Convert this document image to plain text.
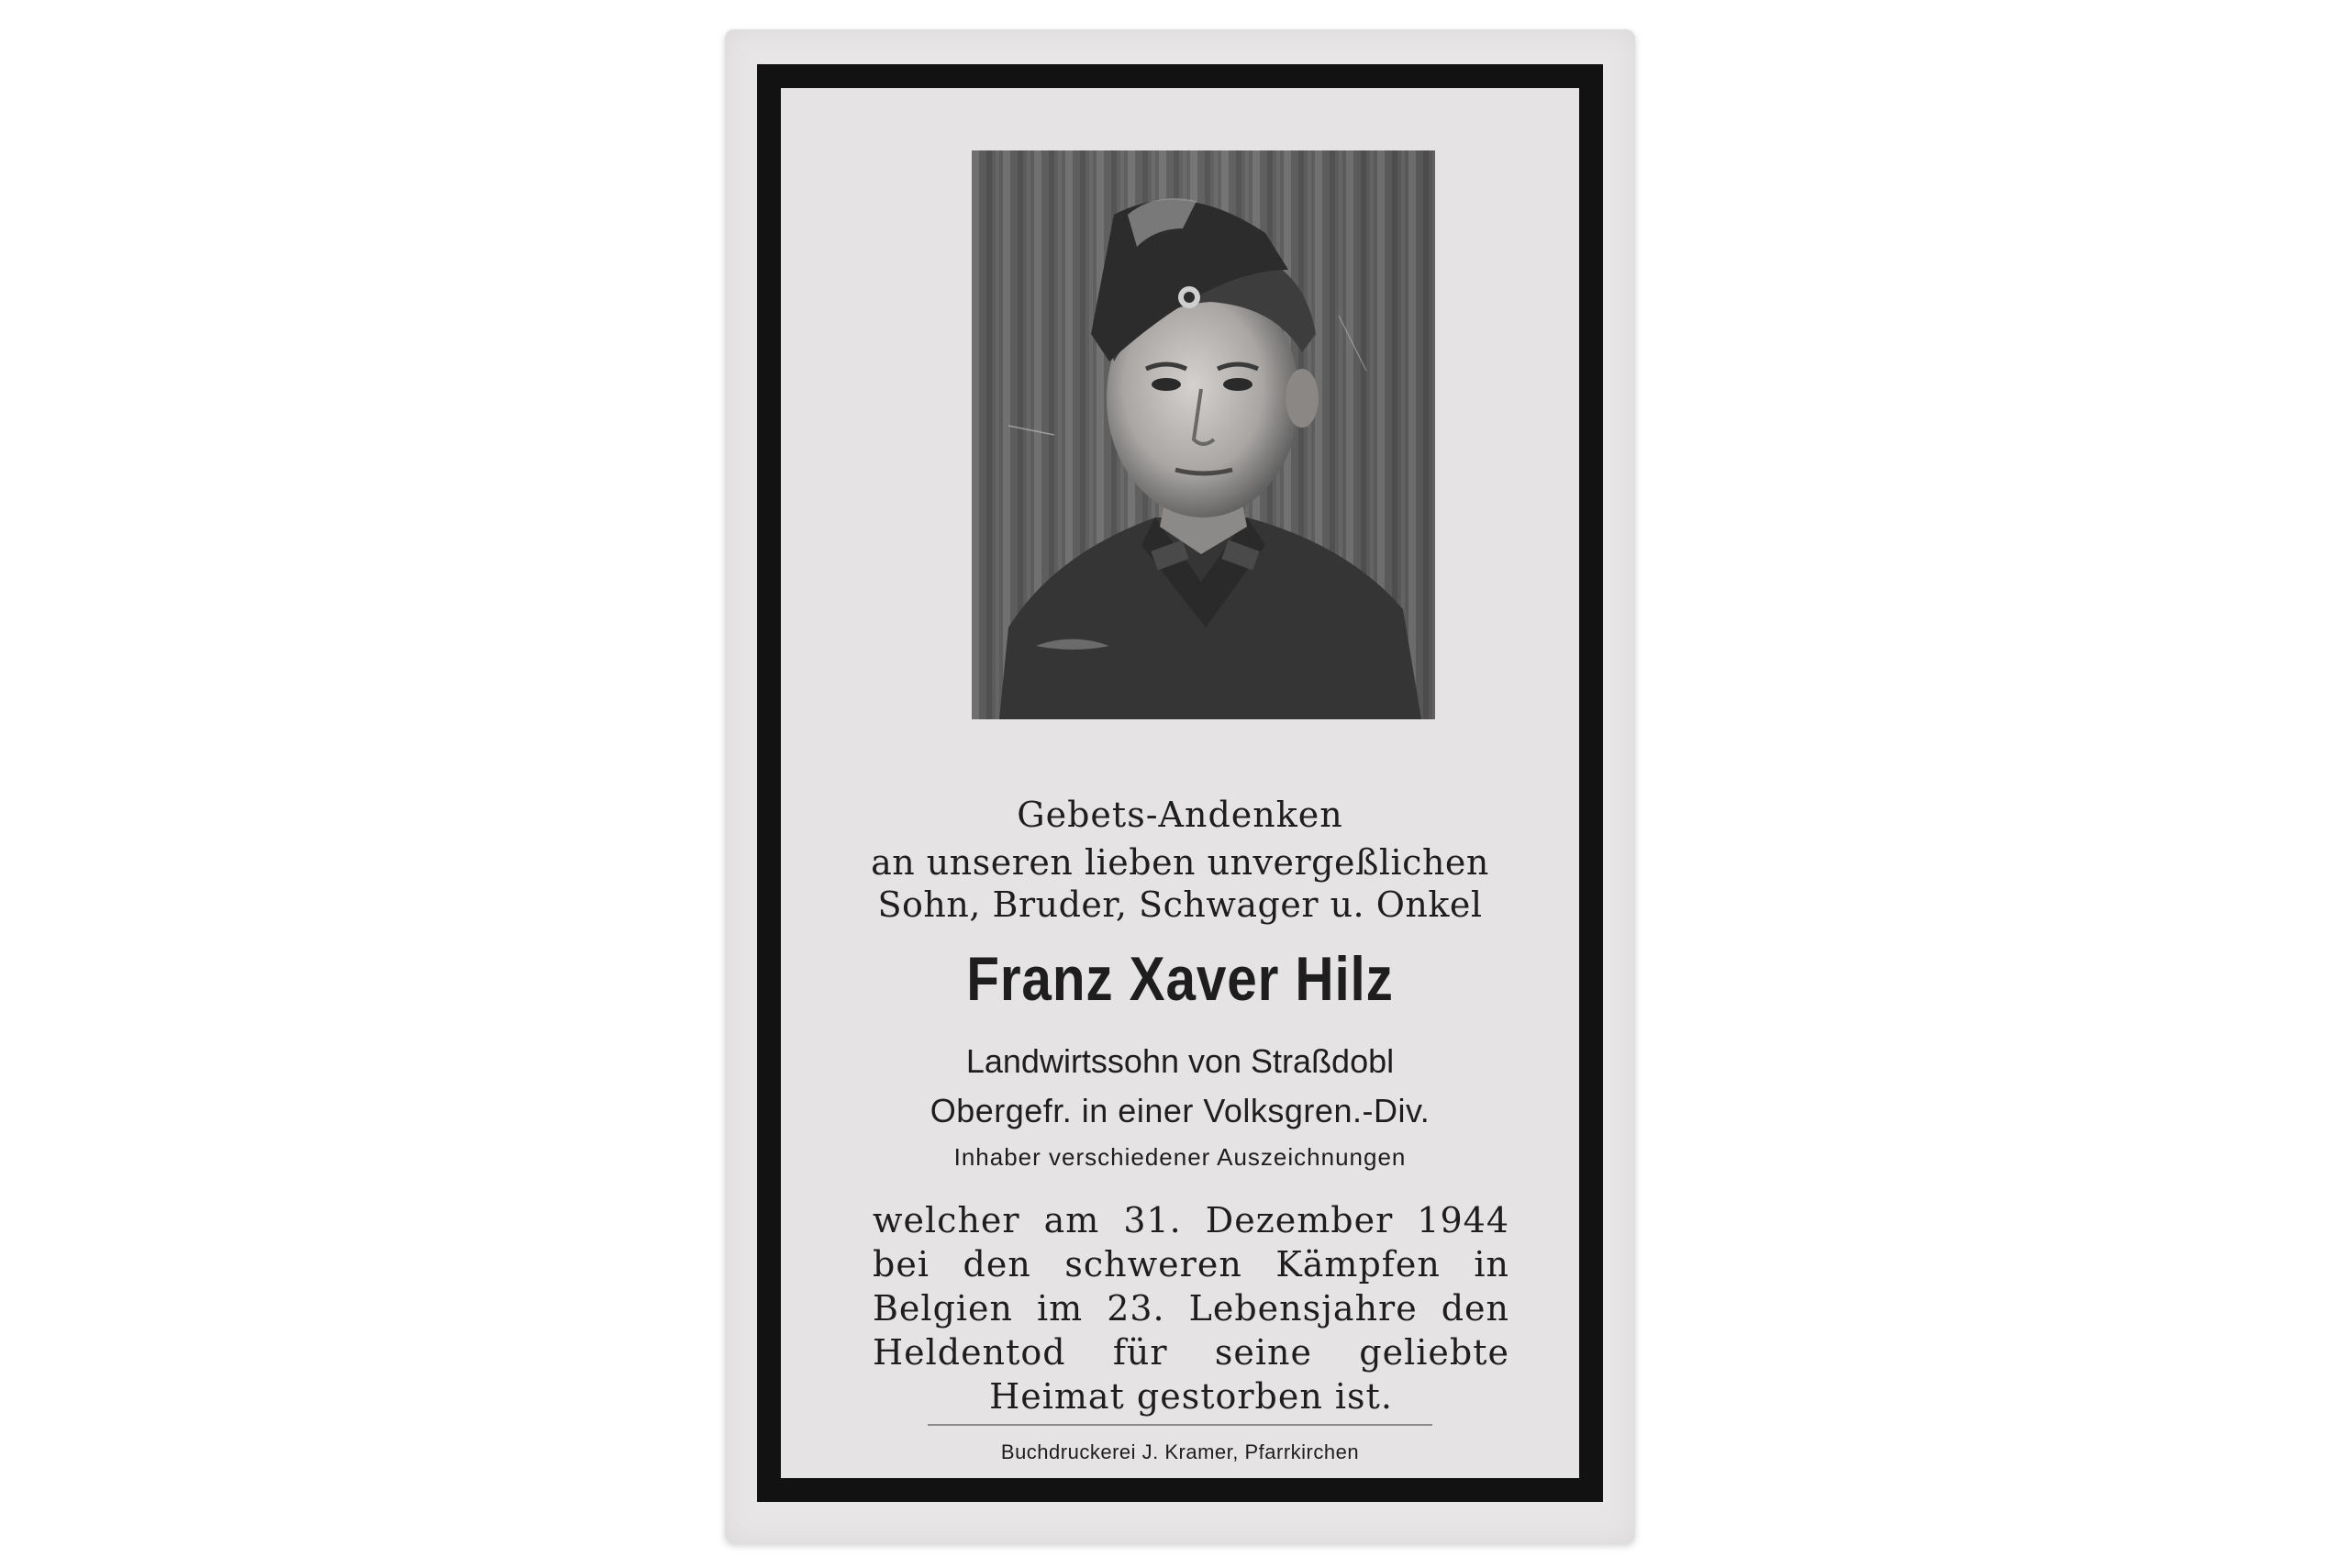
Gebets-Andenken
an unseren lieben unvergeßlichen
Sohn, Bruder, Schwager u. Onkel
Franz Xaver Hilz
Landwirtssohn von Straßdobl
Obergefr. in einer Volksgren.-Div.
Inhaber verschiedener Auszeichnungen
welcher am 31. Dezember 1944
bei den schweren Kämpfen in
Belgien im 23. Lebensjahre den
Heldentod für seine geliebte
Heimat gestorben ist.
Buchdruckerei J. Kramer, Pfarrkirchen
